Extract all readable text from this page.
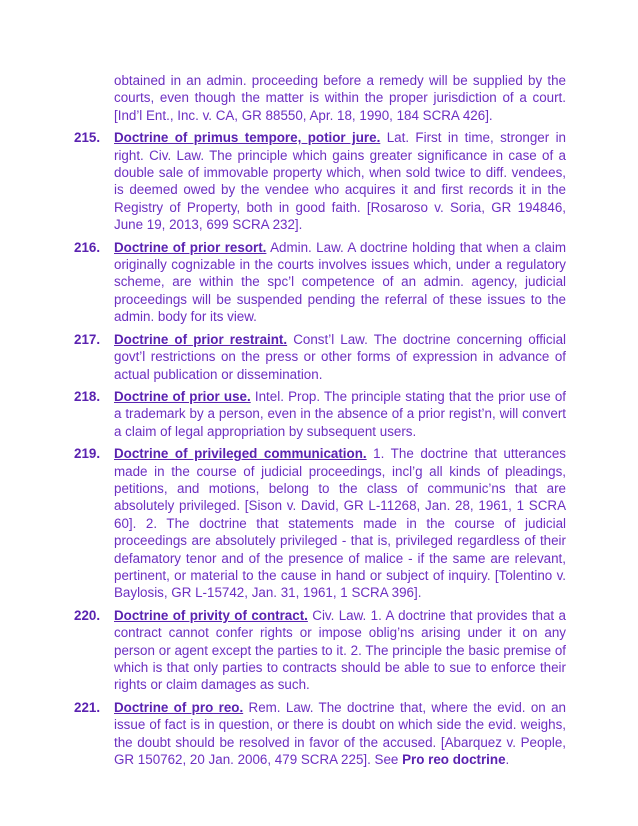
obtained in an admin. proceeding before a remedy will be supplied by the courts, even though the matter is within the proper jurisdiction of a court. [Ind’l Ent., Inc. v. CA, GR 88550, Apr. 18, 1990, 184 SCRA 426].
215.	Doctrine of primus tempore, potior jure. Lat. First in time, stronger in right. Civ. Law. The principle which gains greater significance in case of a double sale of immovable property which, when sold twice to diff. vendees, is deemed owed by the vendee who acquires it and first records it in the Registry of Property, both in good faith. [Rosaroso v. Soria, GR 194846, June 19, 2013, 699 SCRA 232].
216.	Doctrine of prior resort. Admin. Law. A doctrine holding that when a claim originally cognizable in the courts involves issues which, under a regulatory scheme, are within the spc’l competence of an admin. agency, judicial proceedings will be suspended pending the referral of these issues to the admin. body for its view.
217.	Doctrine of prior restraint. Const’l Law. The doctrine concerning official govt’l restrictions on the press or other forms of expression in advance of actual publication or dissemination.
218.	Doctrine of prior use. Intel. Prop. The principle stating that the prior use of a trademark by a person, even in the absence of a prior regist’n, will convert a claim of legal appropriation by subsequent users.
219.	Doctrine of privileged communication. 1. The doctrine that utterances made in the course of judicial proceedings, incl’g all kinds of pleadings, petitions, and motions, belong to the class of communic’ns that are absolutely privileged. [Sison v. David, GR L-11268, Jan. 28, 1961, 1 SCRA 60]. 2. The doctrine that statements made in the course of judicial proceedings are absolutely privileged - that is, privileged regardless of their defamatory tenor and of the presence of malice - if the same are relevant, pertinent, or material to the cause in hand or subject of inquiry. [Tolentino v. Baylosis, GR L-15742, Jan. 31, 1961, 1 SCRA 396].
220.	Doctrine of privity of contract. Civ. Law. 1. A doctrine that provides that a contract cannot confer rights or impose oblig’ns arising under it on any person or agent except the parties to it. 2. The principle the basic premise of which is that only parties to contracts should be able to sue to enforce their rights or claim damages as such.
221.	Doctrine of pro reo. Rem. Law. The doctrine that, where the evid. on an issue of fact is in question, or there is doubt on which side the evid. weighs, the doubt should be resolved in favor of the accused. [Abarquez v. People, GR 150762, 20 Jan. 2006, 479 SCRA 225]. See Pro reo doctrine.
